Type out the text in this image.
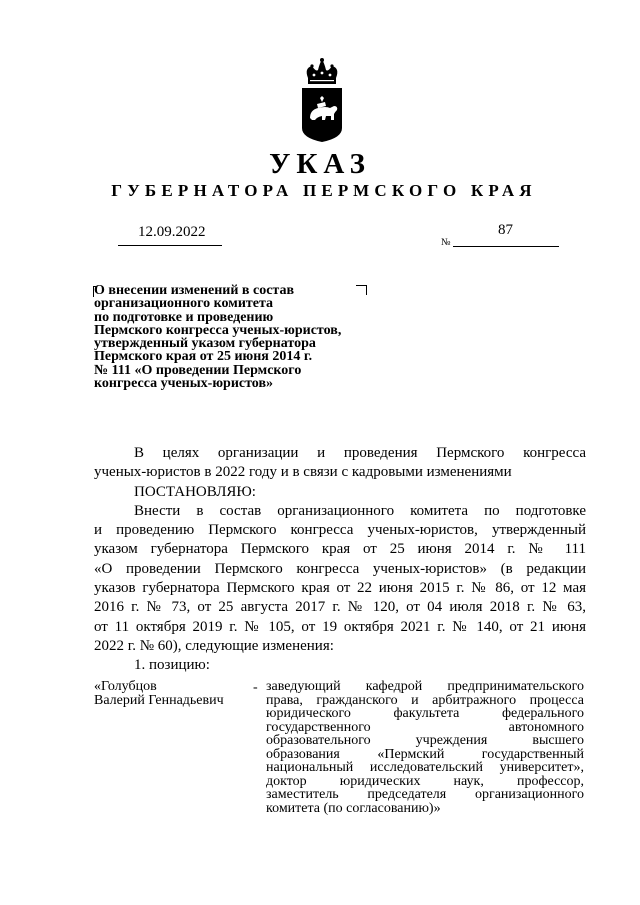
УКАЗ
ГУБЕРНАТОРА ПЕРМСКОГО КРАЯ
12.09.2022
№
87
О внесении изменений в состав
организационного комитета
по подготовке и проведению
Пермского конгресса ученых-юристов,
утвержденный указом губернатора
Пермского края от 25 июня 2014 г.
№ 111 «О проведении Пермского
конгресса ученых-юристов»
В целях организации и проведения Пермского конгресса
ученых-юристов в 2022 году и в связи с кадровыми изменениями
ПОСТАНОВЛЯЮ:
Внести в состав организационного комитета по подготовке
и проведению Пермского конгресса ученых-юристов, утвержденный
указом губернатора Пермского края от 25 июня 2014 г. № 111
«О проведении Пермского конгресса ученых-юристов» (в редакции
указов губернатора Пермского края от 22 июня 2015 г. № 86, от 12 мая
2016 г. № 73, от 25 августа 2017 г. № 120, от 04 июля 2018 г. № 63,
от 11 октября 2019 г. № 105, от 19 октября 2021 г. № 140, от 21 июня
2022 г. № 60), следующие изменения:
1. позицию:
«Голубцов
Валерий Геннадьевич
- заведующий кафедрой предпринимательского
права, гражданского и арбитражного процесса
юридического факультета федерального
государственного автономного
образовательного учреждения высшего
образования «Пермский государственный
национальный исследовательский университет»,
доктор юридических наук, профессор,
заместитель председателя организационного
комитета (по согласованию)»
